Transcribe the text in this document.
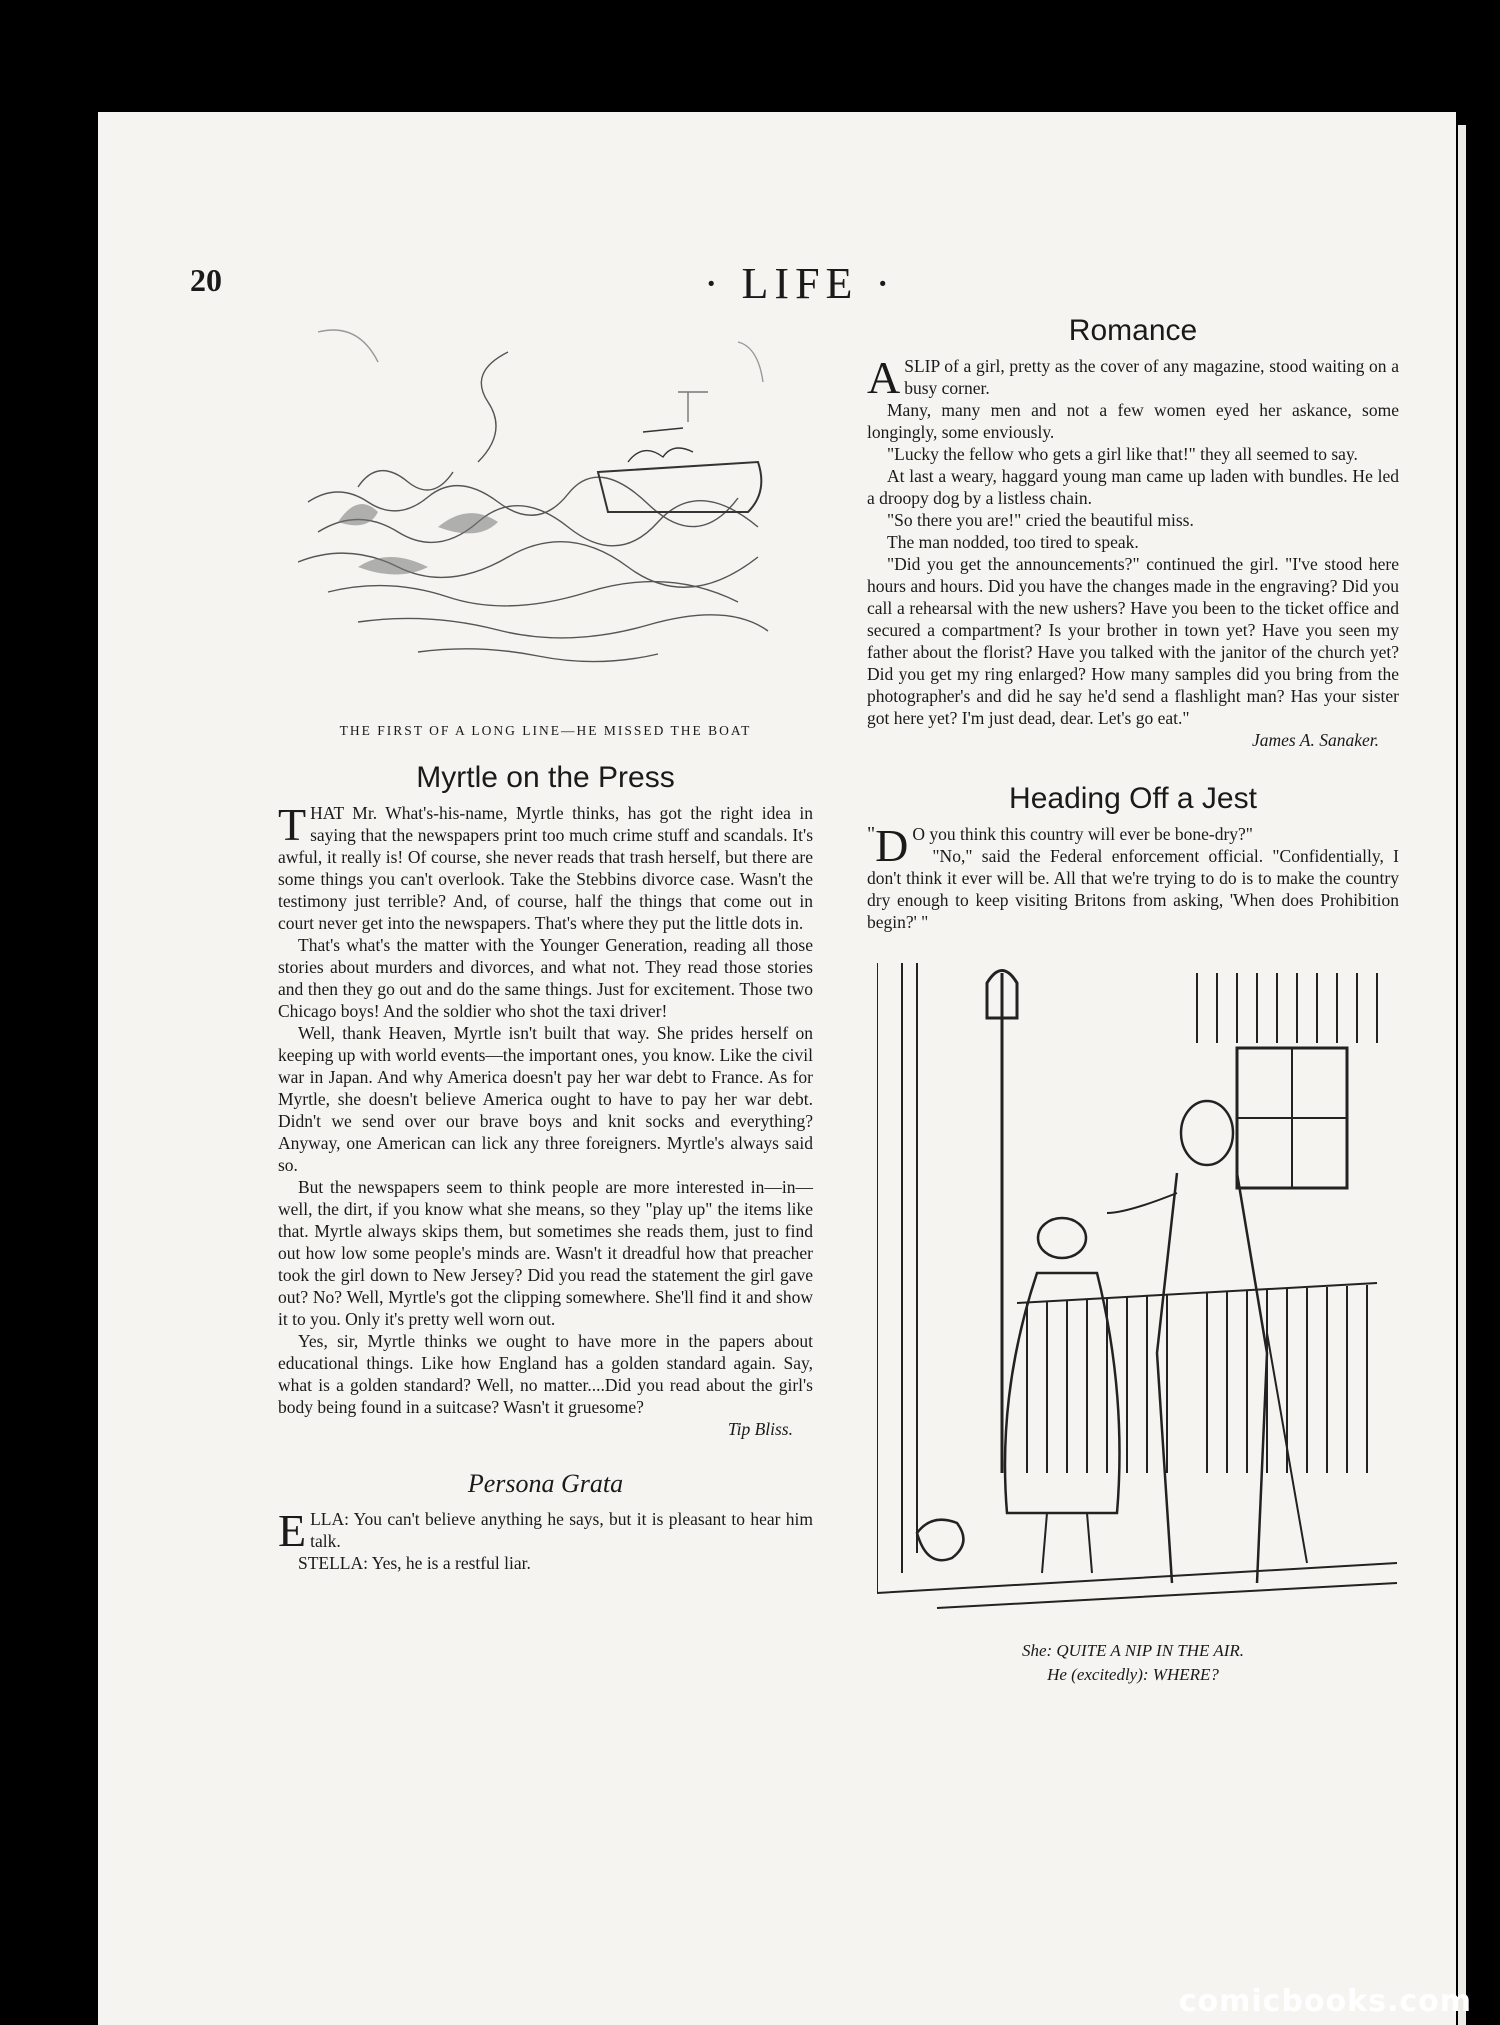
20	· LIFE ·
THE FIRST OF A LONG LINE—HE MISSED THE BOAT
Myrtle on the Press

THAT Mr. What's-his-name, Myrtle thinks, has got the right idea in saying that the newspapers print too much crime stuff and scandals. It's awful, it really is! Of course, she never reads that trash herself, but there are some things you can't overlook. Take the Stebbins divorce case. Wasn't the testimony just terrible? And, of course, half the things that come out in court never get into the newspapers. That's where they put the little dots in.

That's what's the matter with the Younger Generation, reading all those stories about murders and divorces, and what not. They read those stories and then they go out and do the same things. Just for excitement. Those two Chicago boys! And the soldier who shot the taxi driver!

Well, thank Heaven, Myrtle isn't built that way. She prides herself on keeping up with world events—the important ones, you know. Like the civil war in Japan. And why America doesn't pay her war debt to France. As for Myrtle, she doesn't believe America ought to have to pay her war debt. Didn't we send over our brave boys and knit socks and everything? Anyway, one American can lick any three foreigners. Myrtle's always said so.

But the newspapers seem to think people are more interested in—in—well, the dirt, if you know what she means, so they "play up" the items like that. Myrtle always skips them, but sometimes she reads them, just to find out how low some people's minds are. Wasn't it dreadful how that preacher took the girl down to New Jersey? Did you read the statement the girl gave out? No? Well, Myrtle's got the clipping somewhere. She'll find it and show it to you. Only it's pretty well worn out.

Yes, sir, Myrtle thinks we ought to have more in the papers about educational things. Like how England has a golden standard again. Say, what is a golden standard? Well, no matter....Did you read about the girl's body being found in a suitcase? Wasn't it gruesome?

Tip Bliss.
Persona Grata

ELLA: You can't believe anything he says, but it is pleasant to hear him talk.

STELLA: Yes, he is a restful liar.

Romance

A SLIP of a girl, pretty as the cover of any magazine, stood waiting on a busy corner.

Many, many men and not a few women eyed her askance, some longingly, some enviously.

"Lucky the fellow who gets a girl like that!" they all seemed to say.

At last a weary, haggard young man came up laden with bundles. He led a droopy dog by a listless chain.

"So there you are!" cried the beautiful miss.

The man nodded, too tired to speak.

"Did you get the announcements?" continued the girl. "I've stood here hours and hours. Did you have the changes made in the engraving? Did you call a rehearsal with the new ushers? Have you been to the ticket office and secured a compartment? Is your brother in town yet? Have you seen my father about the florist? Have you talked with the janitor of the church yet? Did you get my ring enlarged? How many samples did you bring from the photographer's and did he say he'd send a flashlight man? Has your sister got here yet? I'm just dead, dear. Let's go eat."

James A. Sanaker.
Heading Off a Jest

" D O you think this country will ever be bone-dry?"

"No," said the Federal enforcement official. "Confidentially, I don't think it ever will be. All that we're trying to do is to make the country dry enough to keep visiting Britons from asking, 'When does Prohibition begin?' "

She: QUITE A NIP IN THE AIR.
He (excitedly): WHERE?
comicbooks.com
